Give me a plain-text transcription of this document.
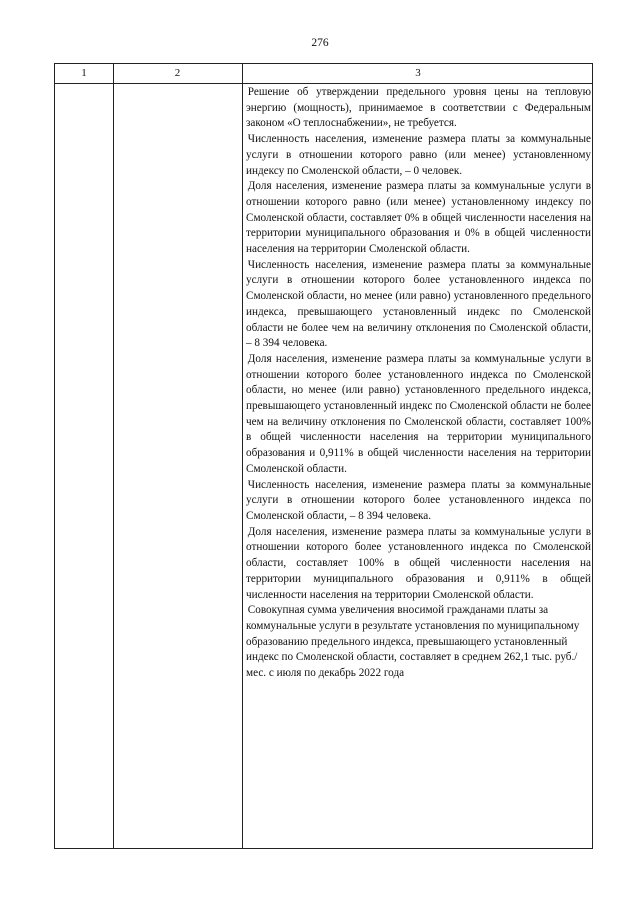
276
1	2	3

Решение об утверждении предельного уровня цены на тепловую энергию (мощность), принимаемое в соответствии с Федеральным законом «О теплоснабжении», не требуется.

Численность населения, изменение размера платы за коммунальные услуги в отношении которого равно (или менее) установленному индексу по Смоленской области, – 0 человек.

Доля населения, изменение размера платы за коммунальные услуги в отношении которого равно (или менее) установленному индексу по Смоленской области, составляет 0% в общей численности населения на территории муниципального образования и 0% в общей численности населения на территории Смоленской области.

Численность населения, изменение размера платы за коммунальные услуги в отношении которого более установленного индекса по Смоленской области, но менее (или равно) установленного предельного индекса, превышающего установленный индекс по Смоленской области не более чем на величину отклонения по Смоленской области, – 8 394 человека.

Доля населения, изменение размера платы за коммунальные услуги в отношении которого более установленного индекса по Смоленской области, но менее (или равно) установленного предельного индекса, превышающего установленный индекс по Смоленской области не более чем на величину отклонения по Смоленской области, составляет 100% в общей численности населения на территории муниципального образования и 0,911% в общей численности населения на территории Смоленской области.

Численность населения, изменение размера платы за коммунальные услуги в отношении которого более установленного индекса по Смоленской области, – 8 394 человека.

Доля населения, изменение размера платы за коммунальные услуги в отношении которого более установленного индекса по Смоленской области, составляет 100% в общей численности населения на территории муниципального образования и 0,911% в общей численности населения на территории Смоленской области.

Совокупная сумма увеличения вносимой гражданами платы за коммунальные услуги в результате установления по муниципальному образованию предельного индекса, превышающего установленный индекс по Смоленской области, составляет в среднем 262,1 тыс. руб./мес. с июля по декабрь 2022 года
